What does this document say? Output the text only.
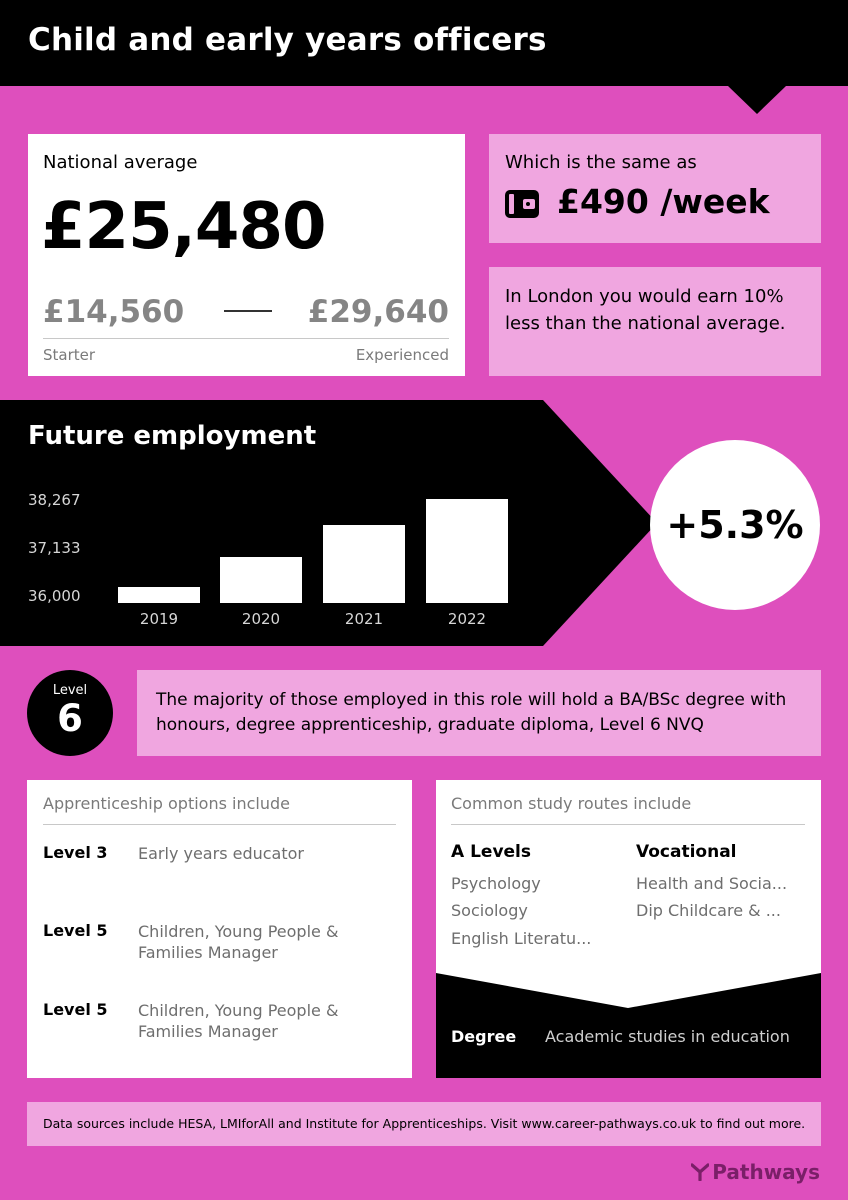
Child and early years officers
National average
£25,480
£14,560	£29,640
Starter	Experienced
Which is the same as
£490 /week
In London you would earn 10% less than the national average.
Future employment
38,267
37,133
36,000
2019	2020	2021	2022
+5.3%
Level
6	The majority of those employed in this role will hold a BA/BSc degree with honours, degree apprenticeship, graduate diploma, Level 6 NVQ
Apprenticeship options include
Level 3 Early years educator
Level 5 Children, Young People & Families Manager
Level 5 Children, Young People & Families Manager
Common study routes include
A Levels
Psychology
Sociology
English Literatu...
Vocational
Health and Socia...
Dip Childcare & ...
Degree Academic studies in education
Data sources include HESA, LMIforAll and Institute for Apprenticeships. Visit www.career-pathways.co.uk to find out more.
Pathways
